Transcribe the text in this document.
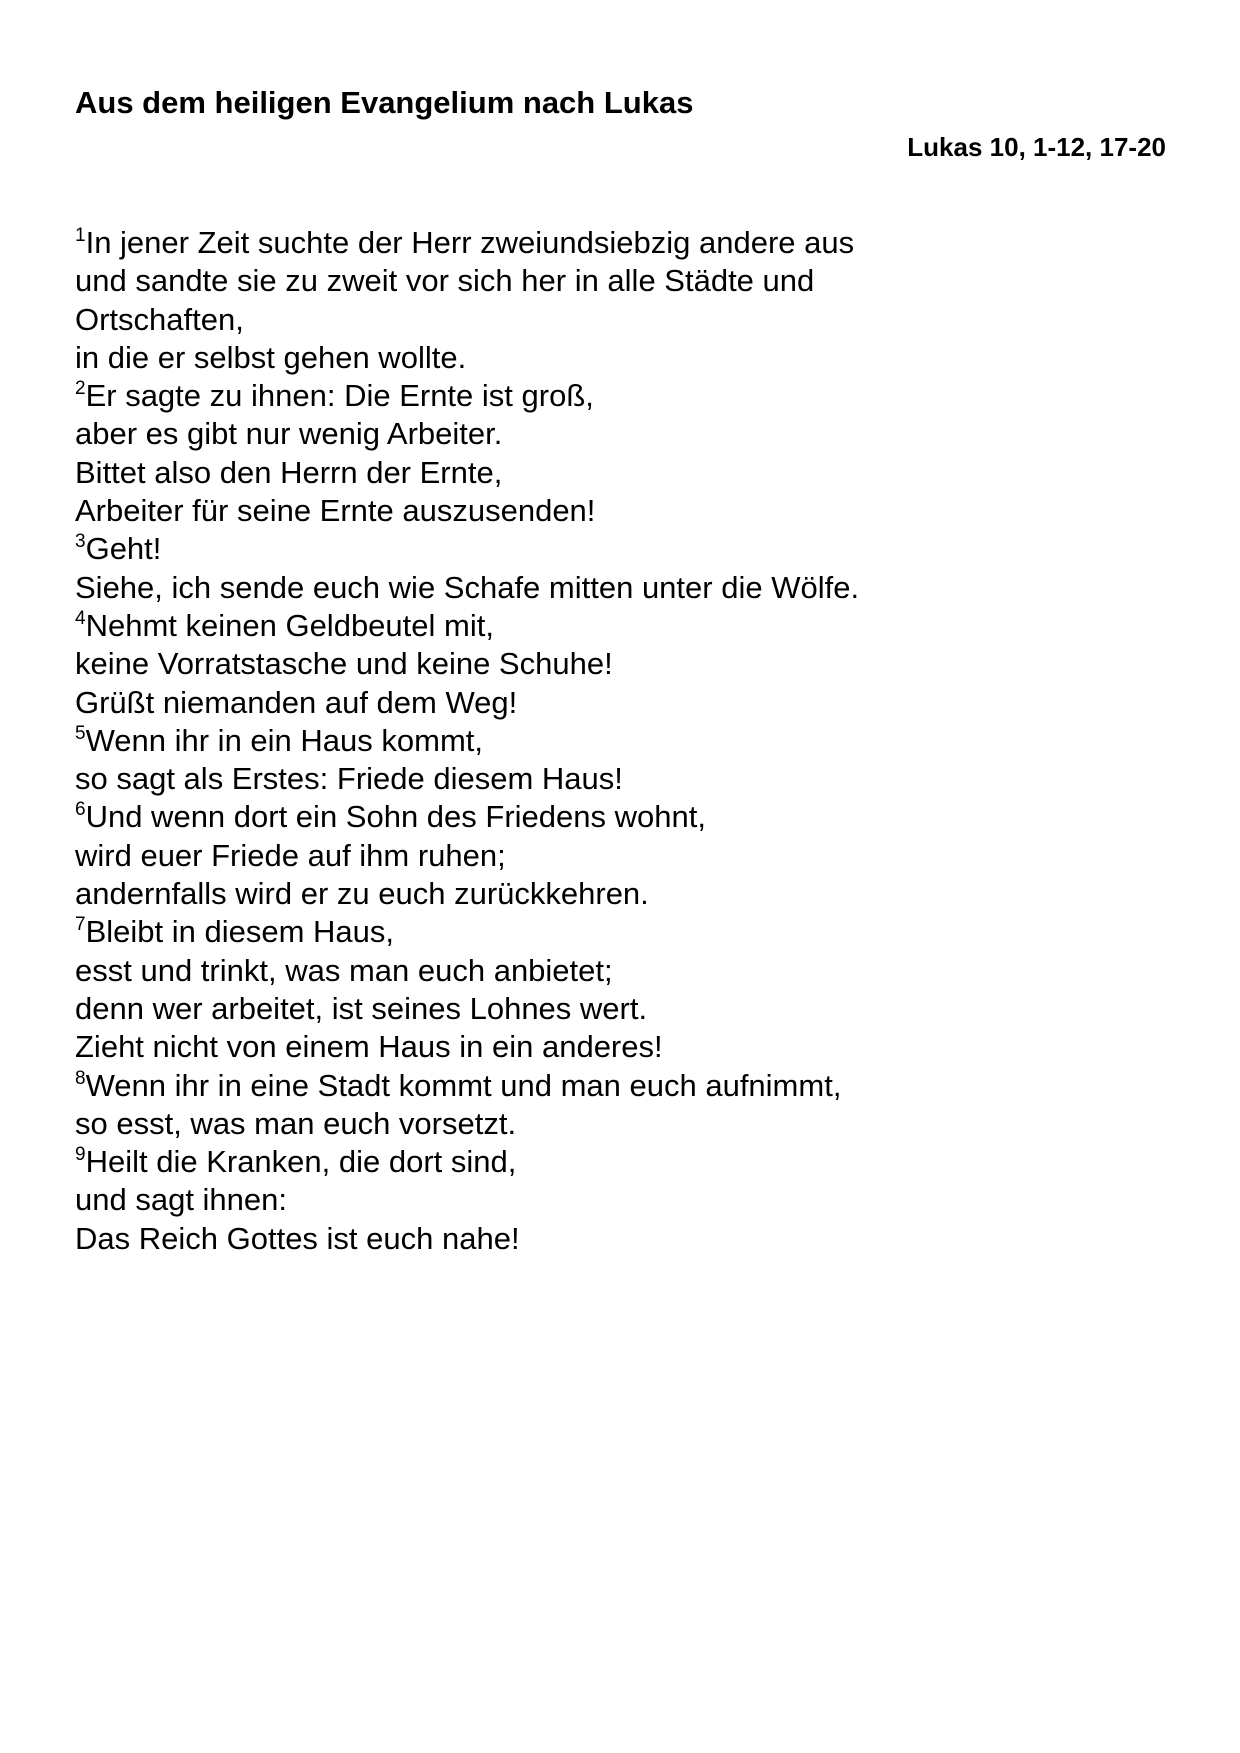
Aus dem heiligen Evangelium nach Lukas
Lukas 10, 1-12, 17-20
$^1$In jener Zeit suchte der Herr zweiundsiebzig andere aus
und sandte sie zu zweit vor sich her in alle Städte und
Ortschaften,
in die er selbst gehen wollte.
$^2$Er sagte zu ihnen: Die Ernte ist groß,
aber es gibt nur wenig Arbeiter.
Bittet also den Herrn der Ernte,
Arbeiter für seine Ernte auszusenden!
$^3$Geht!
Siehe, ich sende euch wie Schafe mitten unter die Wölfe.
$^4$Nehmt keinen Geldbeutel mit,
keine Vorratstasche und keine Schuhe!
Grüßt niemanden auf dem Weg!
$^5$Wenn ihr in ein Haus kommt,
so sagt als Erstes: Friede diesem Haus!
$^6$Und wenn dort ein Sohn des Friedens wohnt,
wird euer Friede auf ihm ruhen;
andernfalls wird er zu euch zurückkehren.
$^7$Bleibt in diesem Haus,
esst und trinkt, was man euch anbietet;
denn wer arbeitet, ist seines Lohnes wert.
Zieht nicht von einem Haus in ein anderes!
$^8$Wenn ihr in eine Stadt kommt und man euch aufnimmt,
so esst, was man euch vorsetzt.
$^9$Heilt die Kranken, die dort sind,
und sagt ihnen:
Das Reich Gottes ist euch nahe!
